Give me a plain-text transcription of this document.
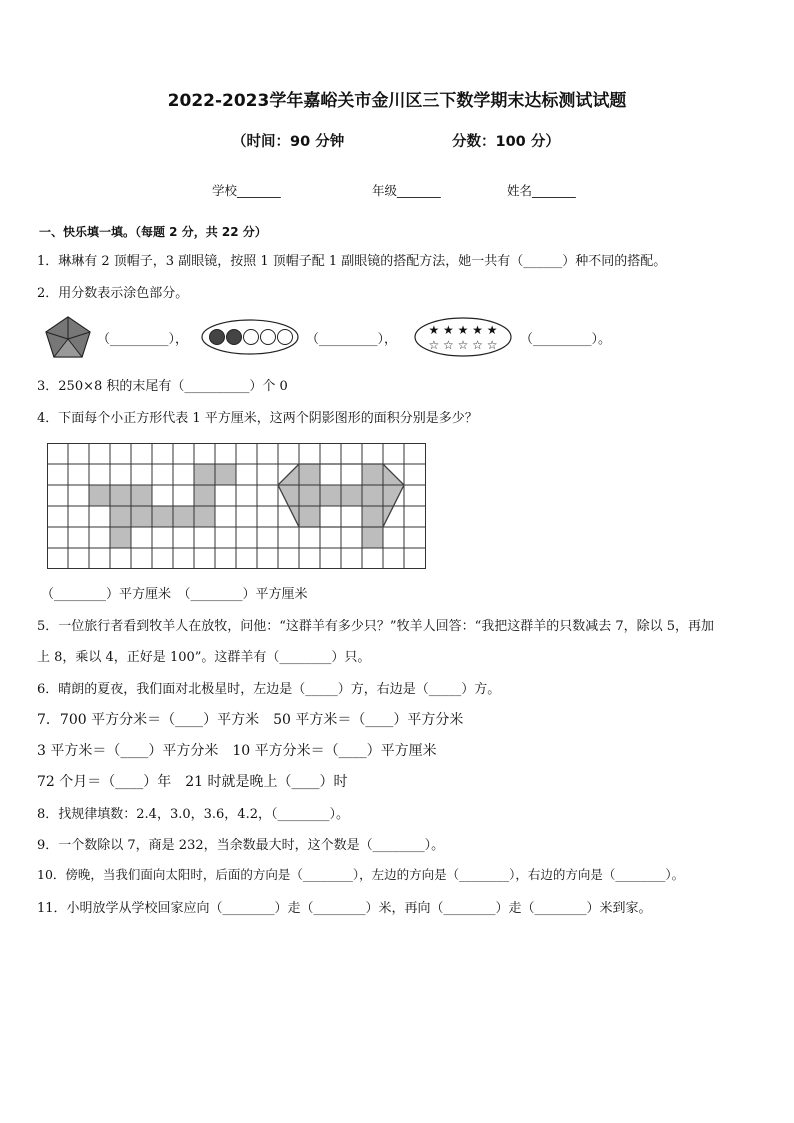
2022-2023学年嘉峪关市金川区三下数学期末达标测试试题
（时间：90 分钟	分数：100 分）
学校_______	年级_______	姓名_______
一、快乐填一填。（每题 2 分，共 22 分）
1．琳琳有 2 顶帽子，3 副眼镜，按照 1 顶帽子配 1 副眼镜的搭配方法，她一共有（______）种不同的搭配。
2．用分数表示涂色部分。
（_________），	（_________），
★ ★ ★ ★ ★
☆ ☆ ☆ ☆ ☆ （_________）。
3．250×8 积的末尾有（__________）个 0
4．下面每个小正方形代表 1 平方厘米，这两个阴影图形的面积分别是多少？
（________）平方厘米　（________）平方厘米
5．一位旅行者看到牧羊人在放牧，问他：“这群羊有多少只？”牧羊人回答：“我把这群羊的只数减去 7，除以 5，再加
上 8，乘以 4，正好是 100”。这群羊有（________）只。
6．晴朗的夏夜，我们面对北极星时，左边是（_____）方，右边是（_____）方。
7．700 平方分米＝（____）平方米　50 平方米＝（____）平方分米
3 平方米＝（____）平方分米　10 平方分米＝（____）平方厘米
72 个月＝（____）年　21 时就是晚上（____）时
8．找规律填数：2.4，3.0，3.6，4.2，（________）。
9．一个数除以 7，商是 232，当余数最大时，这个数是（________）。
10．傍晚，当我们面向太阳时，后面的方向是（________），左边的方向是（________），右边的方向是（________）。
11．小明放学从学校回家应向（________）走（________）米，再向（________）走（________）米到家。
